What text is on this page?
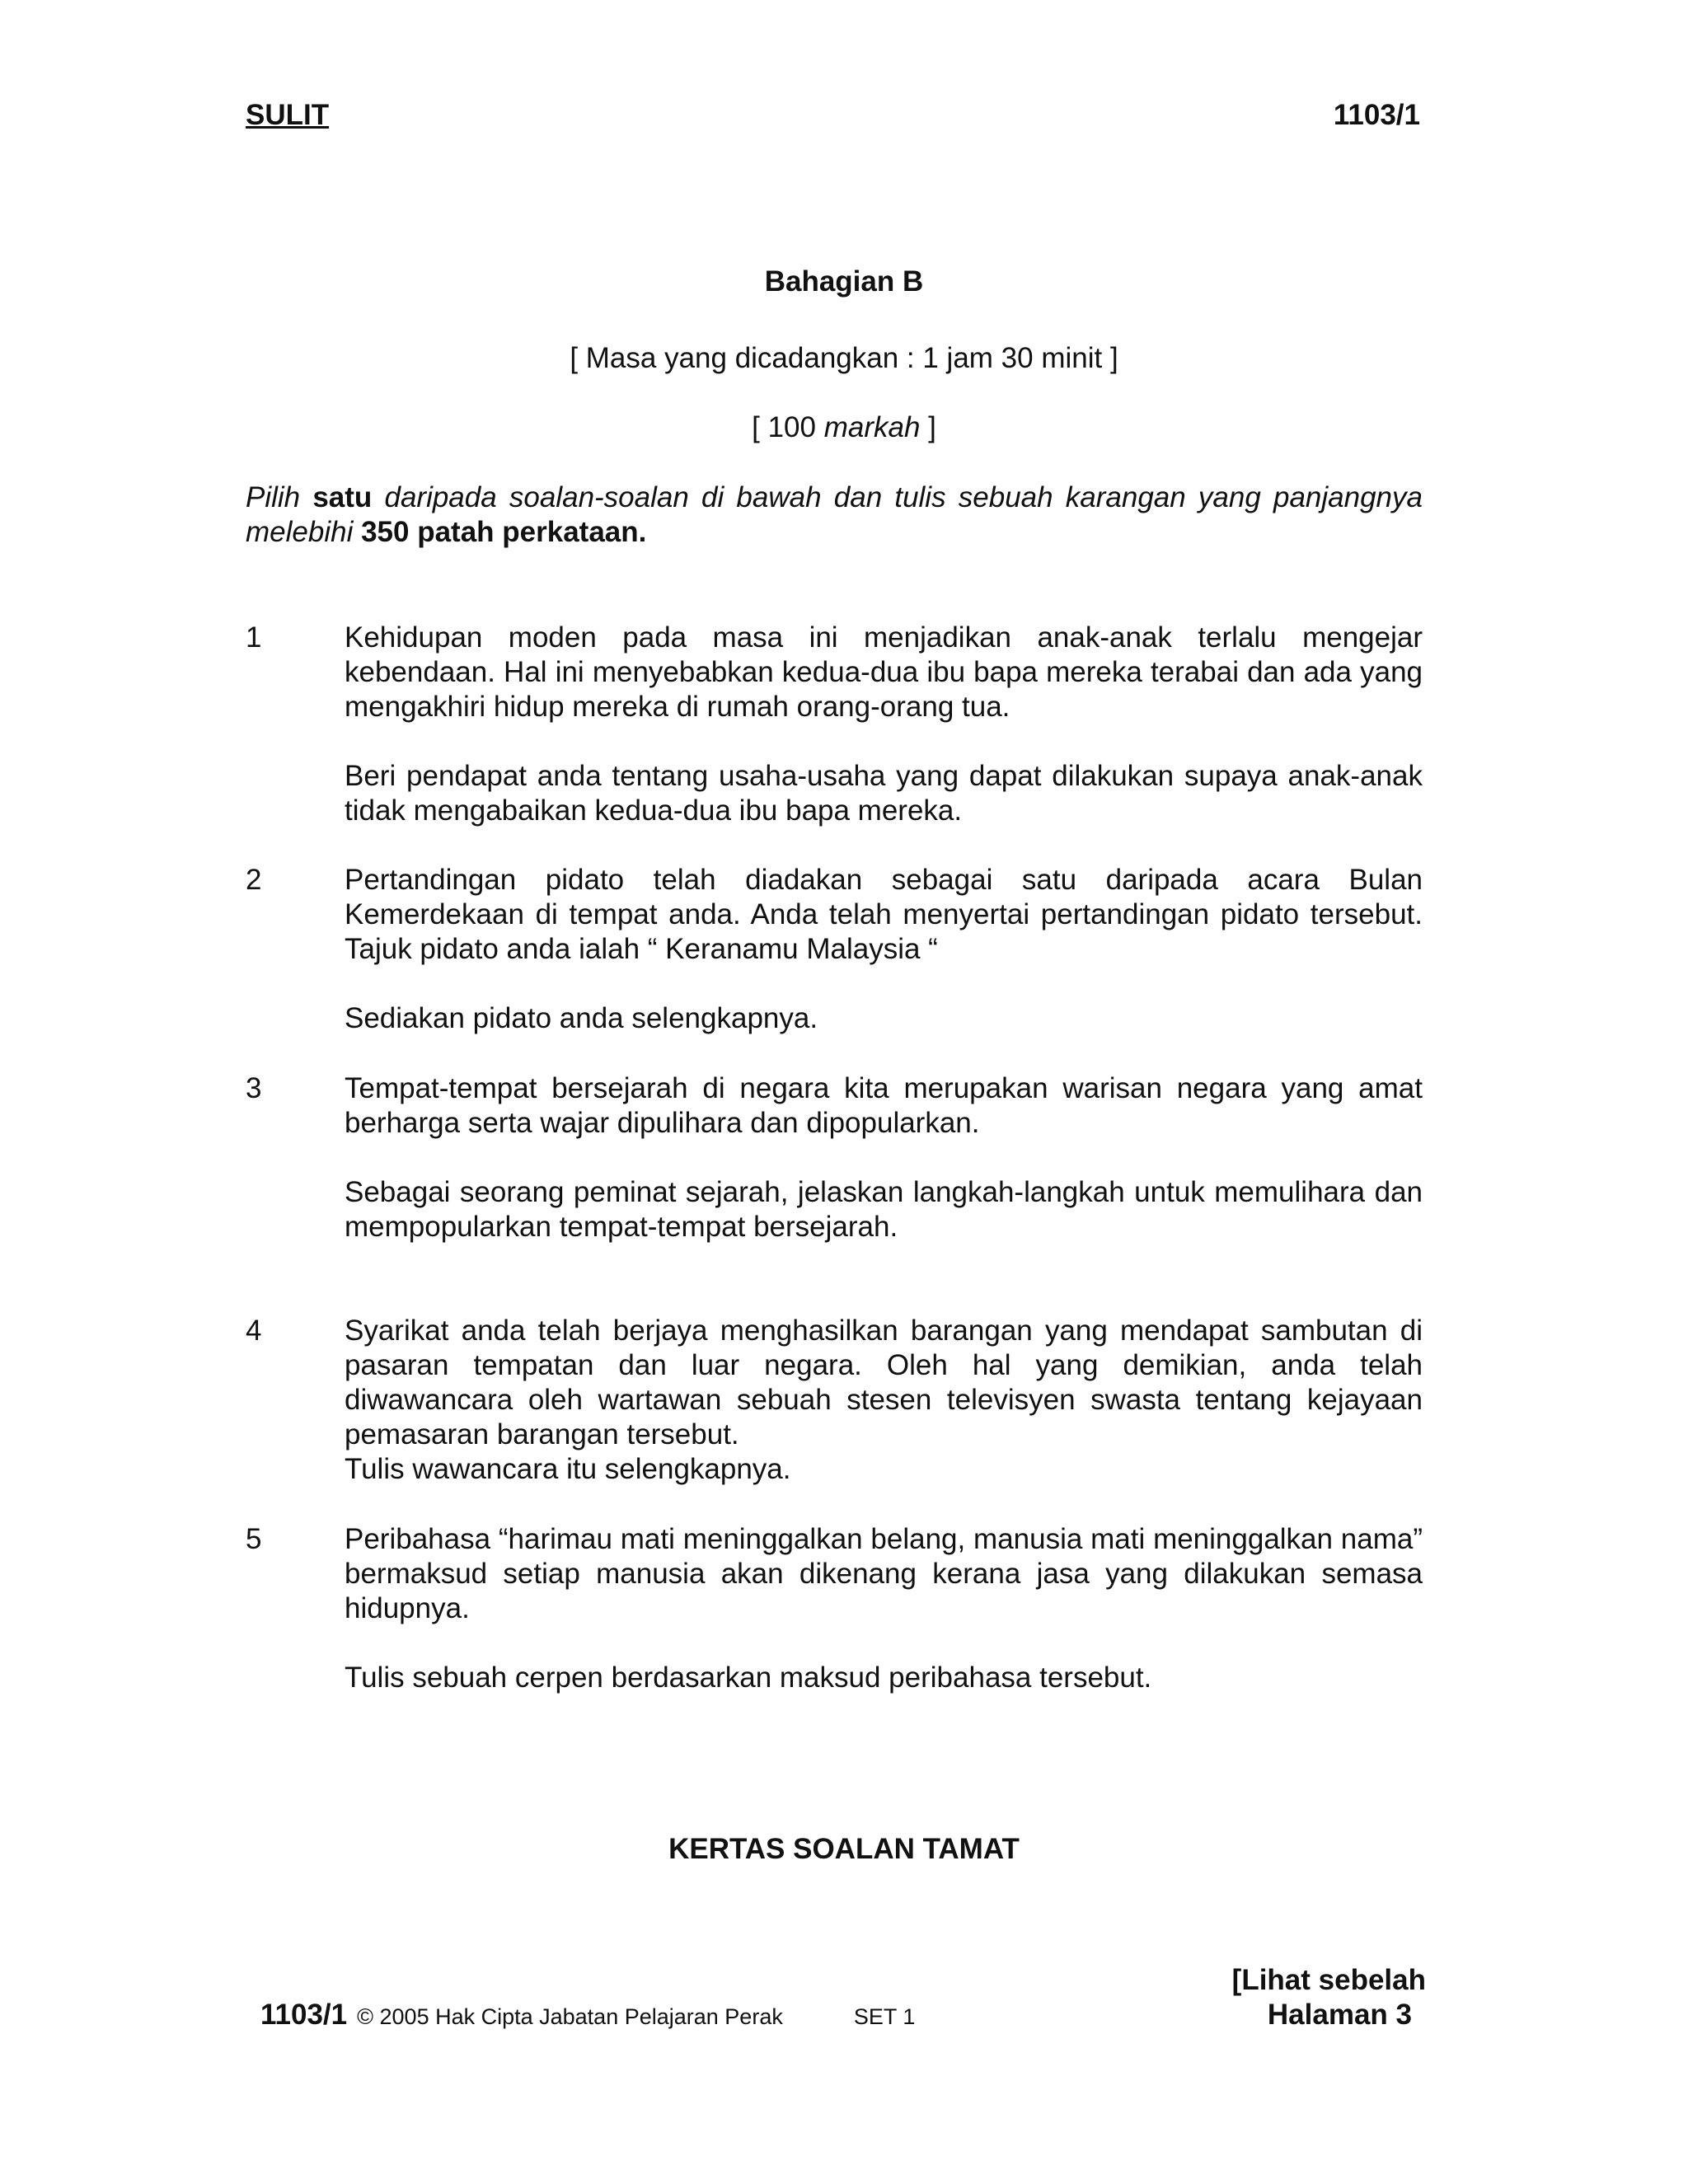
SULIT	1103/1
Bahagian B
[ Masa yang dicadangkan : 1 jam 30 minit ]
[ 100 markah ]
Pilih satu daripada soalan-soalan di bawah dan tulis sebuah karangan yang panjangnya melebihi 350 patah perkataan.
1	Kehidupan moden pada masa ini menjadikan anak-anak terlalu mengejar kebendaan. Hal ini menyebabkan kedua-dua ibu bapa mereka terabai dan ada yang mengakhiri hidup mereka di rumah orang-orang tua.

Beri pendapat anda tentang usaha-usaha yang dapat dilakukan supaya anak-anak tidak mengabaikan kedua-dua ibu bapa mereka.

2	Pertandingan pidato telah diadakan sebagai satu daripada acara Bulan Kemerdekaan di tempat anda. Anda telah menyertai pertandingan pidato tersebut. Tajuk pidato anda ialah “ Keranamu Malaysia “

Sediakan pidato anda selengkapnya.

3	Tempat-tempat bersejarah di negara kita merupakan warisan negara yang amat berharga serta wajar dipulihara dan dipopularkan.

Sebagai seorang peminat sejarah, jelaskan langkah-langkah untuk memulihara dan mempopularkan tempat-tempat bersejarah.

4	Syarikat anda telah berjaya menghasilkan barangan yang mendapat sambutan di pasaran tempatan dan luar negara. Oleh hal yang demikian, anda telah diwawancara oleh wartawan sebuah stesen televisyen swasta tentang kejayaan pemasaran barangan tersebut.

Tulis wawancara itu selengkapnya.

5	Peribahasa “harimau mati meninggalkan belang, manusia mati meninggalkan nama” bermaksud setiap manusia akan dikenang kerana jasa yang dilakukan semasa hidupnya.

Tulis sebuah cerpen berdasarkan maksud peribahasa tersebut.

KERTAS SOALAN TAMAT
[Lihat sebelah
Halaman 3
1103/1 © 2005 Hak Cipta Jabatan Pelajaran Perak	SET 1
